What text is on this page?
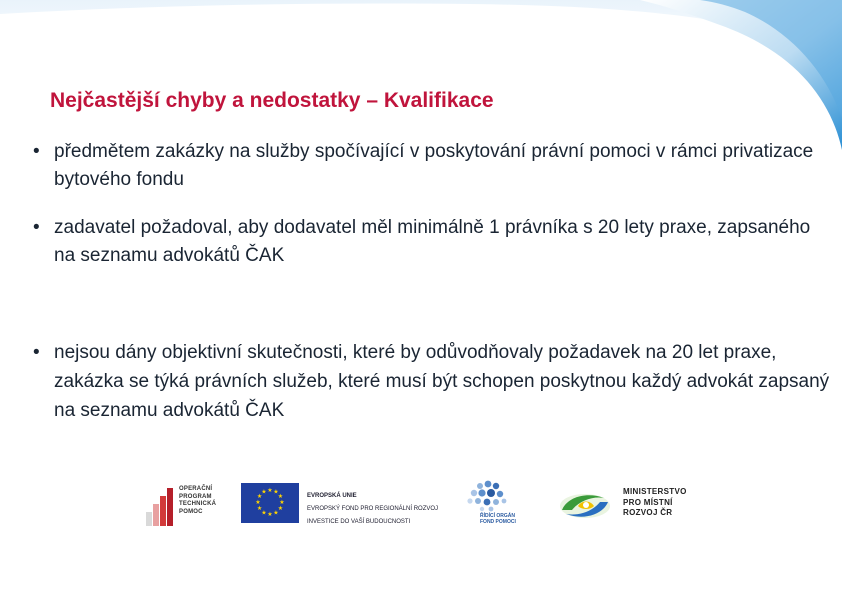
Nejčastější chyby a nedostatky – Kvalifikace
• předmětem zakázky na služby spočívající v poskytování právní pomoci v rámci privatizace bytového fondu
• zadavatel požadoval, aby dodavatel měl minimálně 1 právníka s 20 lety praxe, zapsaného na seznamu advokátů ČAK
• nejsou dány objektivní skutečnosti, které by odůvodňovaly požadavek na 20 let praxe, zakázka se týká právních služeb, které musí být schopen poskytnou každý advokát zapsaný na seznamu advokátů ČAK
OPERAČNÍ
PROGRAM
TECHNICKÁ
POMOC
★ ★
★
★
★
★
★
★
★
★
★
★
EVROPSKÁ UNIE
EVROPSKÝ FOND PRO REGIONÁLNÍ ROZVOJ
INVESTICE DO VAŠÍ BUDOUCNOSTI
ŘÍDÍCÍ ORGÁN
FOND POMOCI
MINISTERSTVO
PRO MÍSTNÍ
ROZVOJ ČR
